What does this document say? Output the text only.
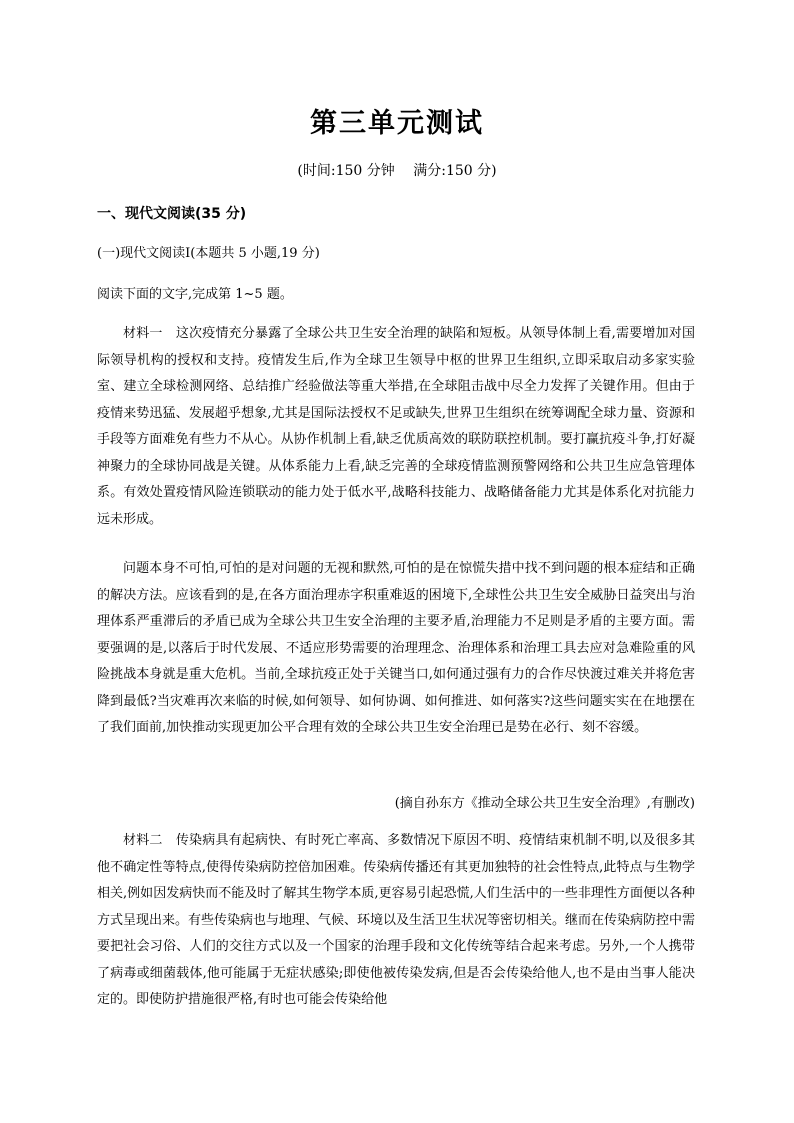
第三单元测试
(时间:150 分钟　 满分:150 分)
一、现代文阅读(35 分)
(一)现代文阅读Ⅰ(本题共 5 小题,19 分)
阅读下面的文字,完成第 1~5 题。

材料一　这次疫情充分暴露了全球公共卫生安全治理的缺陷和短板。从领导体制上看,需要增加对国际领导机构的授权和支持。疫情发生后,作为全球卫生领导中枢的世界卫生组织,立即采取启动多家实验室、建立全球检测网络、总结推广经验做法等重大举措,在全球阻击战中尽全力发挥了关键作用。但由于疫情来势迅猛、发展超乎想象,尤其是国际法授权不足或缺失,世界卫生组织在统筹调配全球力量、资源和手段等方面难免有些力不从心。从协作机制上看,缺乏优质高效的联防联控机制。要打赢抗疫斗争,打好凝神聚力的全球协同战是关键。从体系能力上看,缺乏完善的全球疫情监测预警网络和公共卫生应急管理体系。有效处置疫情风险连锁联动的能力处于低水平,战略科技能力、战略储备能力尤其是体系化对抗能力远未形成。

问题本身不可怕,可怕的是对问题的无视和默然,可怕的是在惊慌失措中找不到问题的根本症结和正确的解决方法。应该看到的是,在各方面治理赤字积重难返的困境下,全球性公共卫生安全威胁日益突出与治理体系严重滞后的矛盾已成为全球公共卫生安全治理的主要矛盾,治理能力不足则是矛盾的主要方面。需要强调的是,以落后于时代发展、不适应形势需要的治理理念、治理体系和治理工具去应对急难险重的风险挑战本身就是重大危机。当前,全球抗疫正处于关键当口,如何通过强有力的合作尽快渡过难关并将危害降到最低?当灾难再次来临的时候,如何领导、如何协调、如何推进、如何落实?这些问题实实在在地摆在了我们面前,加快推动实现更加公平合理有效的全球公共卫生安全治理已是势在必行、刻不容缓。

(摘自孙东方《推动全球公共卫生安全治理》,有删改)

材料二　传染病具有起病快、有时死亡率高、多数情况下原因不明、疫情结束机制不明,以及很多其他不确定性等特点,使得传染病防控倍加困难。传染病传播还有其更加独特的社会性特点,此特点与生物学相关,例如因发病快而不能及时了解其生物学本质,更容易引起恐慌,人们生活中的一些非理性方面便以各种方式呈现出来。有些传染病也与地理、气候、环境以及生活卫生状况等密切相关。继而在传染病防控中需要把社会习俗、人们的交往方式以及一个国家的治理手段和文化传统等结合起来考虑。另外,一个人携带了病毒或细菌载体,他可能属于无症状感染;即使他被传染发病,但是否会传染给他人,也不是由当事人能决定的。即使防护措施很严格,有时也可能会传染给他
